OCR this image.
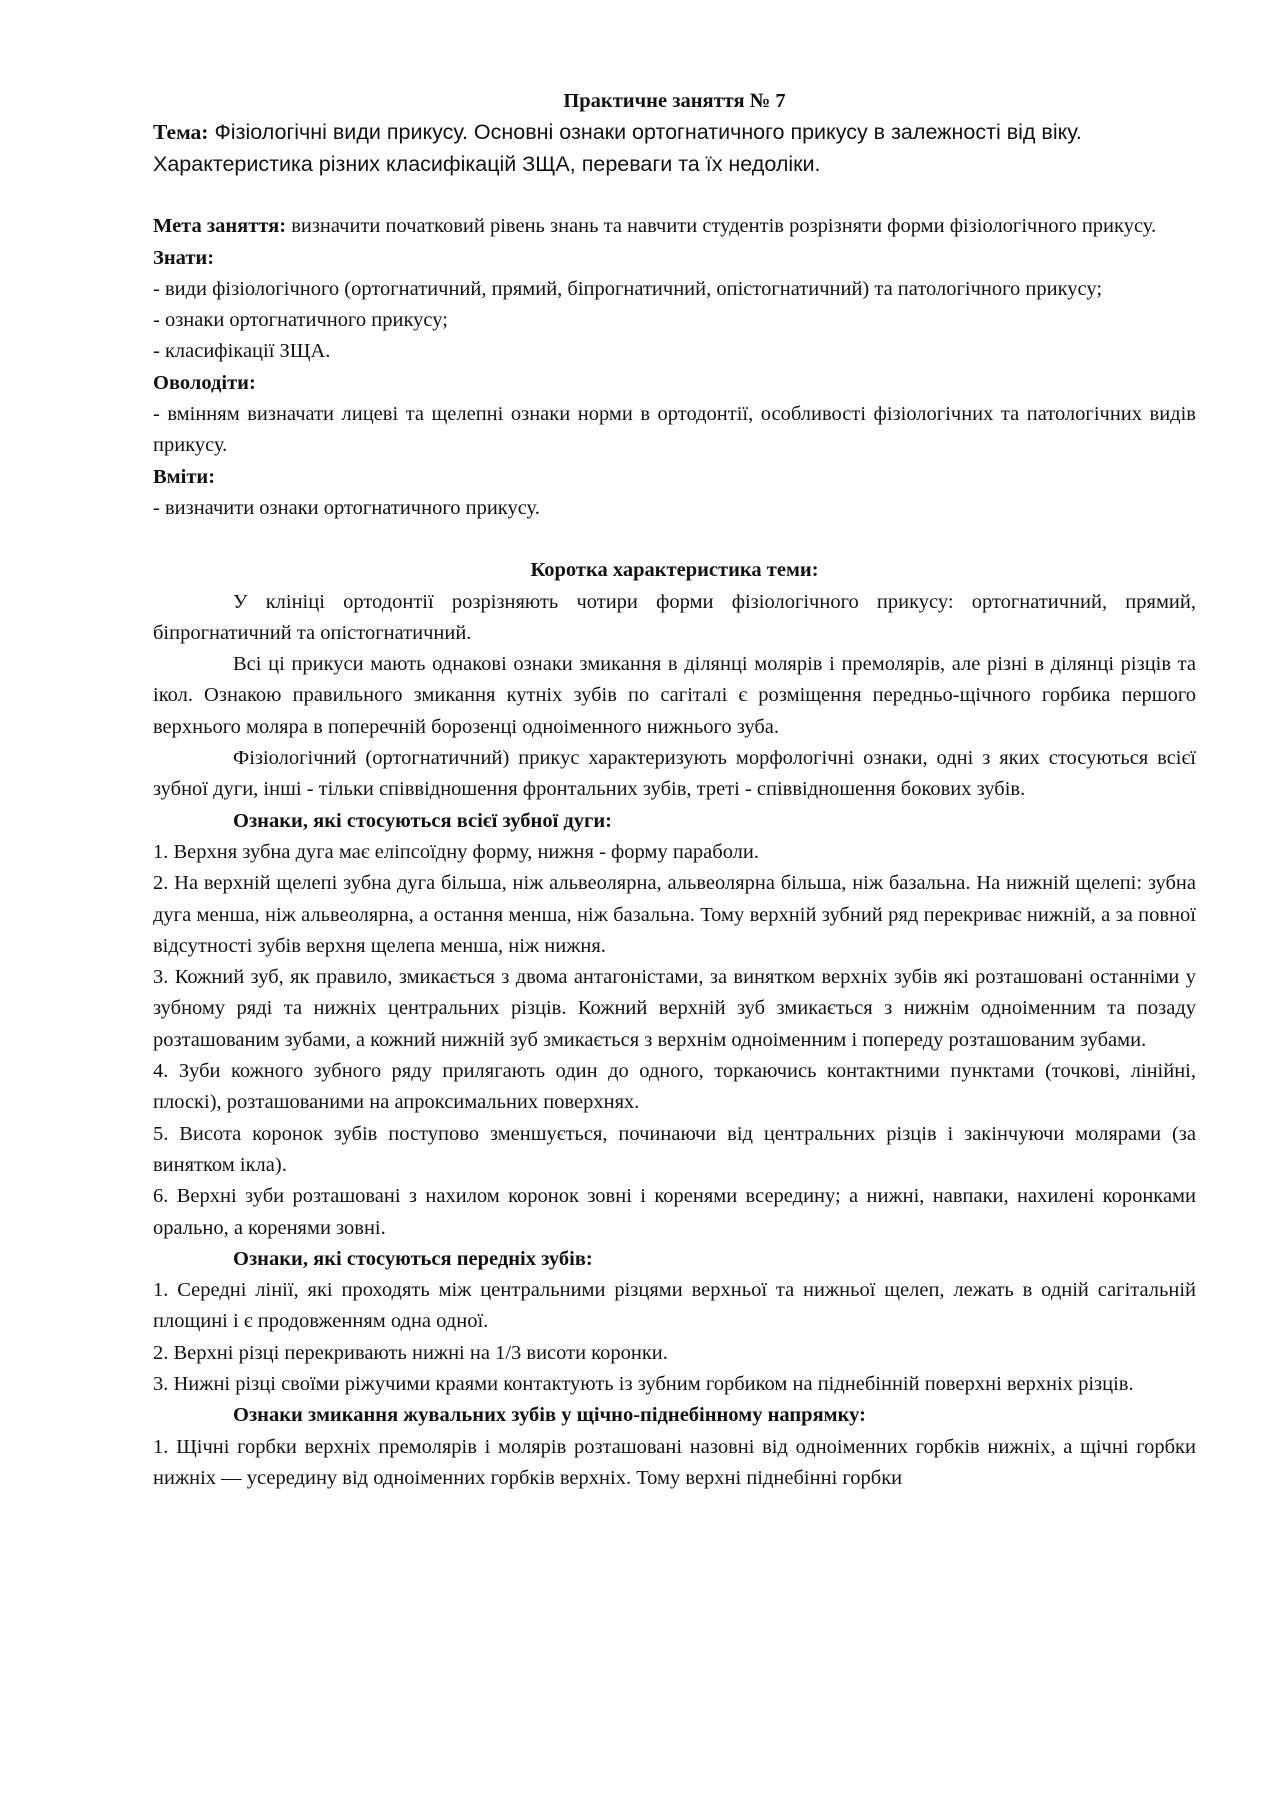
Практичне заняття № 7

Тема: Фізіологічні види прикусу. Основні ознаки ортогнатичного прикусу в залежності від віку. Характеристика різних класифікацій ЗЩА, переваги та їх недоліки.

Мета заняття: визначити початковий рівень знань та навчити студентів розрізняти форми фізіологічного прикусу.

Знати:

- види фізіологічного (ортогнатичний, прямий, біпрогнатичний, опістогнатичний) та патологічного прикусу;

- ознаки ортогнатичного прикусу;

- класифікації ЗЩА.

Оволодіти:

- вмінням визначати лицеві та щелепні ознаки норми в ортодонтії, особливості фізіологічних та патологічних видів прикусу.

Вміти:

- визначити ознаки ортогнатичного прикусу.

Коротка характеристика теми:

У клініці ортодонтії розрізняють чотири форми фізіологічного прикусу: ортогнатичний, прямий, біпрогнатичний та опістогнатичний.

Всі ці прикуси мають однакові ознаки змикання в ділянці молярів і премолярів, але різні в ділянці різців та ікол. Ознакою правильного змикання кутніх зубів по сагіталі є розміщення передньо-щічного горбика першого верхнього моляра в поперечній борозенці одноіменного нижнього зуба.

Фізіологічний (ортогнатичний) прикус характеризують морфологічні ознаки, одні з яких стосуються всієї зубної дуги, інші - тільки співвідношення фронтальних зубів, треті - співвідношення бокових зубів.

Ознаки, які стосуються всієї зубної дуги:

1. Верхня зубна дуга має еліпсоїдну форму, нижня - форму параболи.

2. На верхній щелепі зубна дуга більша, ніж альвеолярна, альвеолярна більша, ніж базальна. На нижній щелепі: зубна дуга менша, ніж альвеолярна, а остання менша, ніж базальна. Тому верхній зубний ряд перекриває нижній, а за повної відсутності зубів верхня щелепа менша, ніж нижня.

3. Кожний зуб, як правило, змикається з двома антагоністами, за винятком верхніх зубів які розташовані останніми у зубному ряді та нижніх центральних різців. Кожний верхній зуб змикається з нижнім одноіменним та позаду розташованим зубами, а кожний нижній зуб змикається з верхнім одноіменним і попереду розташованим зубами.

4. Зуби кожного зубного ряду прилягають один до одного, торкаючись контактними пунктами (точкові, лінійні, плоскі), розташованими на апроксимальних поверхнях.

5. Висота коронок зубів поступово зменшується, починаючи від центральних різців і закінчуючи молярами (за винятком ікла).

6. Верхні зуби розташовані з нахилом коронок зовні і коренями всередину; а нижні, навпаки, нахилені коронками орально, а коренями зовні.

Ознаки, які стосуються передніх зубів:

1. Середні лінії, які проходять між центральними різцями верхньої та нижньої щелеп, лежать в одній сагітальній площині і є продовженням одна одної.

2. Верхні різці перекривають нижні на 1/3 висоти коронки.

3. Нижні різці своїми ріжучими краями контактують із зубним горбиком на піднебінній поверхні верхніх різців.

Ознаки змикання жувальних зубів у щічно-піднебінному напрямку:

1. Щічні горбки верхніх премолярів і молярів розташовані назовні від одноіменних горбків нижніх, а щічні горбки нижніх — усередину від одноіменних горбків верхніх. Тому верхні піднебінні горбки
